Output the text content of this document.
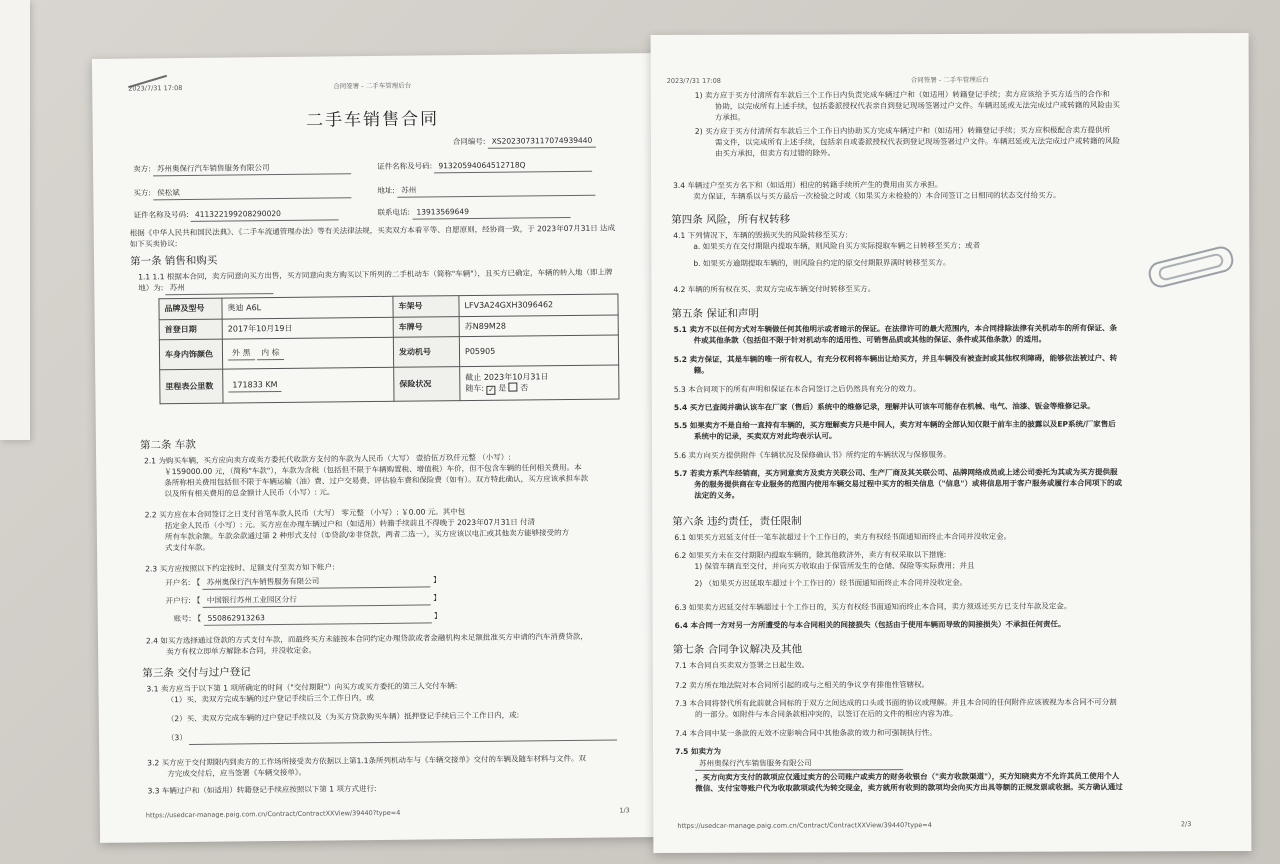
2023/7/31 17:08	合同签署 - 二手车管理后台
二手车销售合同
合同编号: XS2023073117074939440
卖方: 苏州奥保行汽车销售服务有限公司	证件名称及号码: 91320594064512718Q
买方: 侯松斌	地址: 苏州
证件名称及号码: 411322199208290020	联系电话: 13913569649
根据《中华人民共和国民法典》、《二手车流通管理办法》等有关法律法规，买卖双方本着平等、自愿原则，经协商一致，于 2023年07月31日 达成如下买卖协议:
第一条 销售和购买
1.1 1.1 根据本合同，卖方同意向买方出售，买方同意向卖方购买以下所列的二手机动车（简称"车辆"），且买方已确定，车辆的转入地（即上牌地）为: 苏州
品牌及型号	奥迪 A6L	车架号	LFV3A24GXH3096462
首登日期	2017年10月19日	车牌号	苏N89M28
车身内饰颜色	外 黑 内 棕	发动机号	P05905
里程表公里数	171833 KM	保险状况	截止 2023年10月31日
随车: ✓ 是 否
第二条 车款
2.1 为购买车辆，买方应向卖方或卖方委托代收款方支付的车款为人民币（大写） 壹拾伍万玖仟元整 （小写）:
￥159000.00 元，（简称"车款"），车款为含税（包括但不限于车辆购置税、增值税）车价，但不包含车辆的任何相关费用。本
条所称相关费用包括但不限于车辆运输（油）费、过户交易费、评估验车费和保险费（如有）。双方特此确认，买方应该承担车款
以及所有相关费用的总金额计人民币（小写）: 元。
2.2 买方应在本合同签订之日支付首笔车款人民币（大写） 零元整 （小写）: ￥0.00 元。其中包
括定金人民币（小写）: 元。买方应在办理车辆过户和（如适用）转籍手续前且不得晚于 2023年07月31日 付清
所有车款余额。车款余款通过第 2 种形式支付（①贷款/②非贷款，两者二选一），买方应该以电汇或其他卖方能够接受的方
式支付车款。
2.3 买方应按照以下约定按时、足额支付至卖方如下帐户:
开户名: 【 苏州奥保行汽车销售服务有限公司	】
开户行: 【 中国银行苏州工业园区分行	】
账号: 【 550862913263	】
2.4 如买方选择通过贷款的方式支付车款，而最终买方未能按本合同约定办理贷款或者金融机构未足额批准买方申请的汽车消费贷款，
卖方有权立即单方解除本合同，并没收定金。
第三条 交付与过户登记
3.1 卖方应当于以下第 1 项所确定的时间（"交付期限"）向买方或买方委托的第三人交付车辆:
（1）买、卖双方完成车辆的过户登记手续后三个工作日内，或
（2）买、卖双方完成车辆的过户登记手续以及（为买方贷款购买车辆）抵押登记手续后三个工作日内，或:
（3）
3.2 买方应于交付期限内到卖方的工作场所接受卖方依据以上第1.1条所列机动车与《车辆交接单》交付的车辆及随车材料与文件。双
方完成交付后，应当签署《车辆交接单》。
3.3 车辆过户和（如适用）转籍登记手续应按照以下第 1 项方式进行:
https://usedcar-manage.paig.com.cn/Contract/ContractXXView/39440?type=4	1/3
2023/7/31 17:08	合同签署 - 二手车管理后台
1) 卖方应于买方付清所有车款后三个工作日内负责完成车辆过户和（如适用）转籍登记手续；卖方应该给予买方适当的合作和
协助，以完成所有上述手续，包括委派授权代表亲自到登记现场签署过户文件。车辆迟延或无法完成过户或转籍的风险由买
方承担。
2) 买方应于买方付清所有车款后三个工作日内协助买方完成车辆过户和（如适用）转籍登记手续；买方应积极配合卖方提供所
需文件，以完成所有上述手续，包括亲自或委派授权代表到登记现场签署过户文件。车辆迟延或无法完成过户或转籍的风险
由买方承担，但卖方有过错的除外。
3.4 车辆过户至买方名下和（如适用）相应的转籍手续所产生的费用由买方承担。
卖方保证，车辆系以与买方最后一次检验之时或（如果买方未检验的）本合同签订之日相同的状态交付给买方。
第四条 风险，所有权转移
4.1 下列情况下，车辆的毁损灭失的风险转移至买方:
a. 如果买方在交付期限内提取车辆，则风险自买方实际提取车辆之日转移至买方；或者
b. 如果买方逾期提取车辆的，则风险自约定的原交付期限界满时转移至买方。
4.2 车辆的所有权在买、卖双方完成车辆交付时转移至买方。
第五条 保证和声明
5.1 卖方不以任何方式对车辆做任何其他明示或者暗示的保证。在法律许可的最大范围内，本合同排除法律有关机动车的所有保证、条
件或其他条款（包括但不限于针对机动车的适用性、可销售品质或其他的保证、条件或其他条款）的适用。
5.2 卖方保证，其是车辆的唯一所有权人，有充分权利将车辆出让给买方，并且车辆没有被查封或其他权利障碍，能够依法被过户、转
籍。
5.3 本合同项下的所有声明和保证在本合同签订之后仍然具有充分的效力。
5.4 买方已查阅并确认该车在厂家（售后）系统中的维修记录，理解并认可该车可能存在机械、电气、油漆、钣金等维修记录。
5.5 如果卖方不是自给一直持有车辆的，买方理解卖方只是中间人，卖方对车辆的全部认知仅限于前车主的披露以及EP系统/厂家售后
系统中的记录，买卖双方对此均表示认可。
5.6 卖方向买方提供附件《车辆状况及保修确认书》所约定的车辆状况与保修服务。
5.7 若卖方系汽车经销商，买方同意卖方及卖方关联公司、生产厂商及其关联公司、品牌网络成员或上述公司委托为其或为买方提供服
务的服务提供商在专业服务的范围内使用车辆交易过程中买方的相关信息（"信息"）或将信息用于客户服务或履行本合同项下的或
法定的义务。
第六条 违约责任，责任限制
6.1 如果买方迟延支付任一笔车款超过十个工作日的，卖方有权经书面通知而终止本合同并没收定金。
6.2 如果买方未在交付期限内提取车辆的，除其他救济外，卖方有权采取以下措施:
1) 保管车辆直至交付，并向买方收取由于保管所发生的仓储、保险等实际费用；并且
2) （如果买方迟延取车超过十个工作日的）经书面通知而终止本合同并没收定金。
6.3 如果卖方迟延交付车辆超过十个工作日的，买方有权经书面通知而终止本合同，卖方须返还买方已支付车款及定金。
6.4 本合同一方对另一方所遭受的与本合同相关的间接损失（包括由于使用车辆而导致的间接损失）不承担任何责任。
第七条 合同争议解决及其他
7.1 本合同自买卖双方签署之日起生效。
7.2 卖方所在地法院对本合同所引起的或与之相关的争议享有排他性管辖权。
7.3 本合同将替代所有此前就合同标的于双方之间达成的口头或书面的协议或理解。并且本合同的任何附件应该被视为本合同不可分割
的一部分。如附件与本合同条款相冲突的，以签订在后的文件的相应内容为准。
7.4 本合同中某一条款的无效不应影响合同中其他条款的效力和可强制执行性。
7.5 如卖方为
苏州奥保行汽车销售服务有限公司
，买方向卖方支付的款项应仅通过卖方的公司账户或卖方的财务收银台（"卖方收款渠道"），买方知晓卖方不允许其员工使用个人
微信、支付宝等账户代为收取款项或代为转交现金，卖方就所有收到的款项均会向买方出具等额的正规发票或收据。买方确认通过
https://usedcar-manage.paig.com.cn/Contract/ContractXXView/39440?type=4	2/3
